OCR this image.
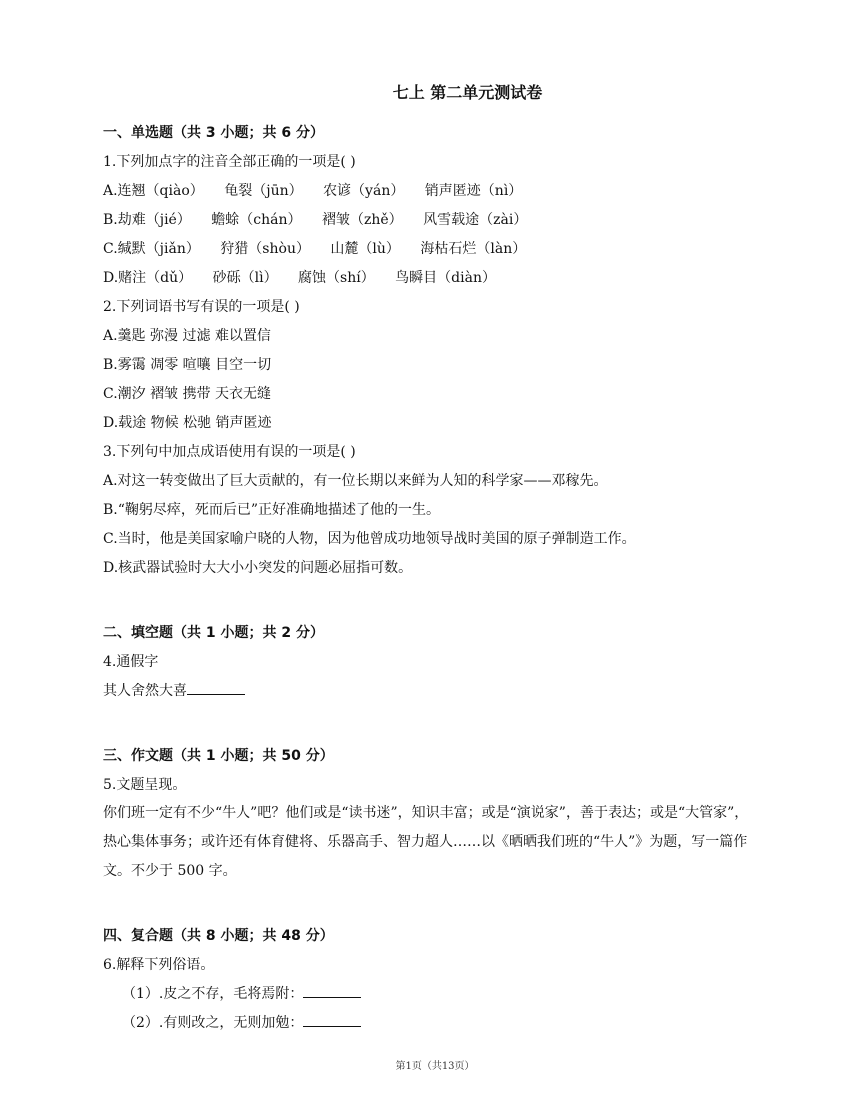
七上 第二单元测试卷
一、单选题（共 3 小题；共 6 分）
1.下列加点字的注音全部正确的一项是( )
A.连翘（qiào） 龟裂（jūn） 农谚（yán） 销声匿迹（nì）
B.劫难（jié） 蟾蜍（chán） 褶皱（zhě） 风雪载途（zài）
C.缄默（jiǎn） 狩猎（shòu） 山麓（lù） 海枯石烂（làn）
D.赌注（dǔ） 砂砾（lì） 腐蚀（shí） 鸟瞬目（diàn）
2.下列词语书写有误的一项是( )
A.羹匙 弥漫 过滤 难以置信
B.雾霭 凋零 喧嚷 目空一切
C.潮汐 褶皱 携带 天衣无缝
D.载途 物候 松驰 销声匿迹
3.下列句中加点成语使用有误的一项是( )
A.对这一转变做出了巨大贡献的，有一位长期以来鲜为人知的科学家——邓稼先。
B.“鞠躬尽瘁，死而后已”正好准确地描述了他的一生。
C.当时，他是美国家喻户晓的人物，因为他曾成功地领导战时美国的原子弹制造工作。
D.核武器试验时大大小小突发的问题必屈指可数。
二、填空题（共 1 小题；共 2 分）
4.通假字
其人舍然大喜
三、作文题（共 1 小题；共 50 分）
5.文题呈现。
你们班一定有不少“牛人”吧？他们或是“读书迷”，知识丰富；或是“演说家”，善于表达；或是“大管家”，热心集体事务；或许还有体育健将、乐器高手、智力超人……以《晒晒我们班的“牛人”》为题，写一篇作文。不少于 500 字。
四、复合题（共 8 小题；共 48 分）
6.解释下列俗语。
（1）.皮之不存，毛将焉附：
（2）.有则改之，无则加勉：
第1页（共13页）
